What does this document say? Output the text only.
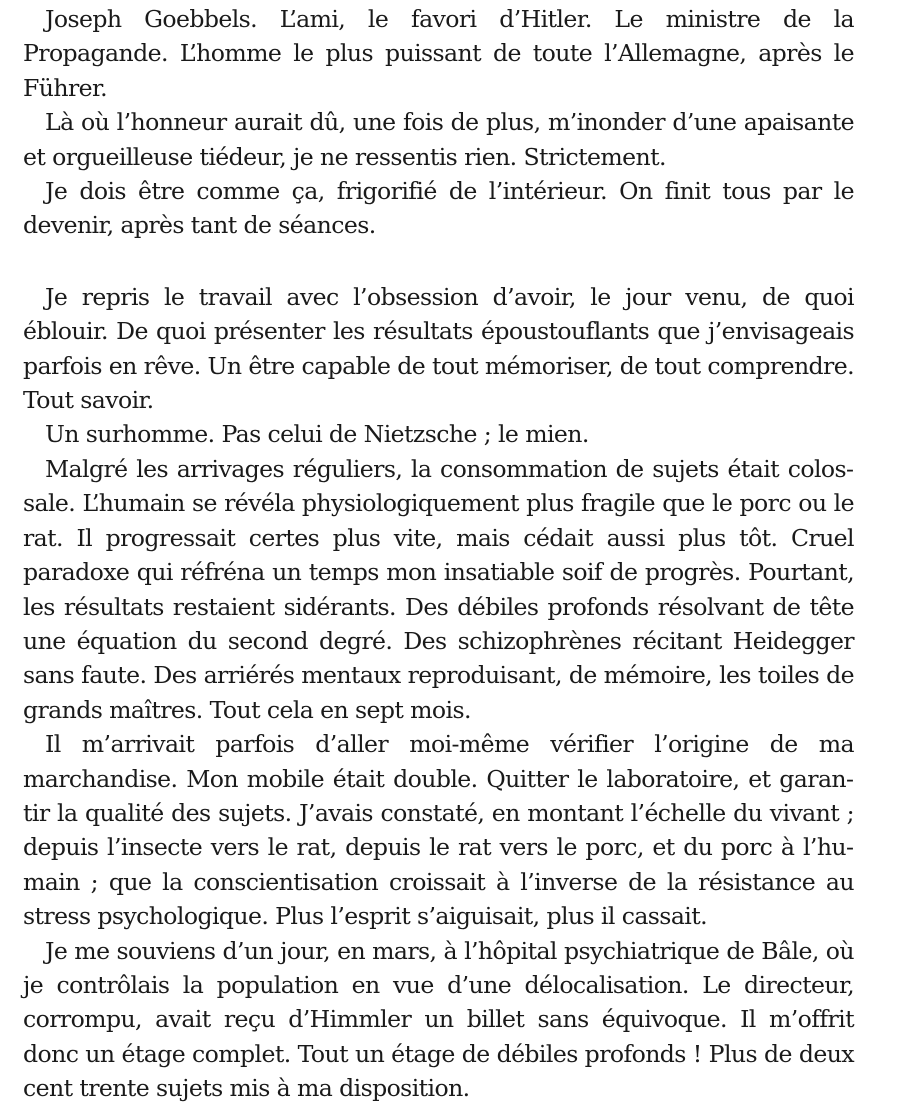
Joseph Goebbels. L’ami, le favori d’Hitler. Le ministre de la Propagande. L’homme le plus puissant de toute l’Allemagne, après le Führer.

Là où l’honneur aurait dû, une fois de plus, m’inonder d’une apaisante et orgueilleuse tiédeur, je ne ressentis rien. Strictement.

Je dois être comme ça, frigorifié de l’intérieur. On finit tous par le devenir, après tant de séances.

Je repris le travail avec l’obsession d’avoir, le jour venu, de quoi éblouir. De quoi présenter les résultats époustouflants que j’envisageais parfois en rêve. Un être capable de tout mémoriser, de tout comprendre. Tout savoir.

Un surhomme. Pas celui de Nietzsche ; le mien.

Malgré les arrivages réguliers, la consommation de sujets était colossale. L’humain se révéla physiologiquement plus fragile que le porc ou le rat. Il progressait certes plus vite, mais cédait aussi plus tôt. Cruel paradoxe qui réfréna un temps mon insatiable soif de progrès. Pourtant, les résultats restaient sidérants. Des débiles profonds résolvant de tête une équation du second degré. Des schizophrènes récitant Heidegger sans faute. Des arriérés mentaux reproduisant, de mémoire, les toiles de grands maîtres. Tout cela en sept mois.

Il m’arrivait parfois d’aller moi-même vérifier l’origine de ma marchandise. Mon mobile était double. Quitter le laboratoire, et garantir la qualité des sujets. J’avais constaté, en montant l’échelle du vivant ; depuis l’insecte vers le rat, depuis le rat vers le porc, et du porc à l’humain ; que la conscientisation croissait à l’inverse de la résistance au stress psychologique. Plus l’esprit s’aiguisait, plus il cassait.

Je me souviens d’un jour, en mars, à l’hôpital psychiatrique de Bâle, où je contrôlais la population en vue d’une délocalisation. Le directeur, corrompu, avait reçu d’Himmler un billet sans équivoque. Il m’offrit donc un étage complet. Tout un étage de débiles profonds ! Plus de deux cent trente sujets mis à ma disposition.
